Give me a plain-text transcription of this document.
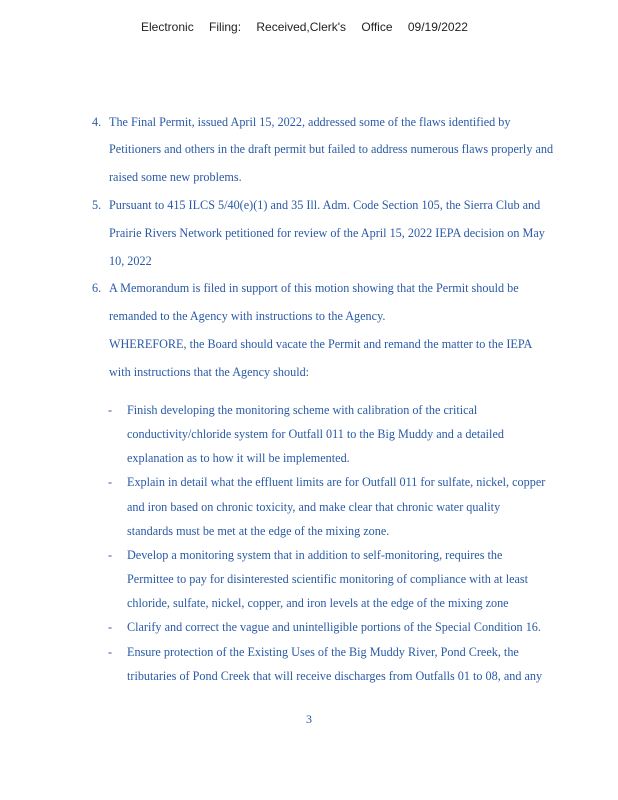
Electronic Filing: Received,Clerk's Office 09/19/2022
4. The Final Permit, issued April 15, 2022, addressed some of the flaws identified by
Petitioners and others in the draft permit but failed to address numerous flaws properly and
raised some new problems.
5. Pursuant to 415 ILCS 5/40(e)(1) and 35 Ill. Adm. Code Section 105, the Sierra Club and
Prairie Rivers Network petitioned for review of the April 15, 2022 IEPA decision on May
10, 2022
6. A Memorandum is filed in support of this motion showing that the Permit should be
remanded to the Agency with instructions to the Agency.
WHEREFORE, the Board should vacate the Permit and remand the matter to the IEPA
with instructions that the Agency should:
- Finish developing the monitoring scheme with calibration of the critical
conductivity/chloride system for Outfall 011 to the Big Muddy and a detailed
explanation as to how it will be implemented.
- Explain in detail what the effluent limits are for Outfall 011 for sulfate, nickel, copper
and iron based on chronic toxicity, and make clear that chronic water quality
standards must be met at the edge of the mixing zone.
- Develop a monitoring system that in addition to self-monitoring, requires the
Permittee to pay for disinterested scientific monitoring of compliance with at least
chloride, sulfate, nickel, copper, and iron levels at the edge of the mixing zone
- Clarify and correct the vague and unintelligible portions of the Special Condition 16.
- Ensure protection of the Existing Uses of the Big Muddy River, Pond Creek, the
tributaries of Pond Creek that will receive discharges from Outfalls 01 to 08, and any
3
